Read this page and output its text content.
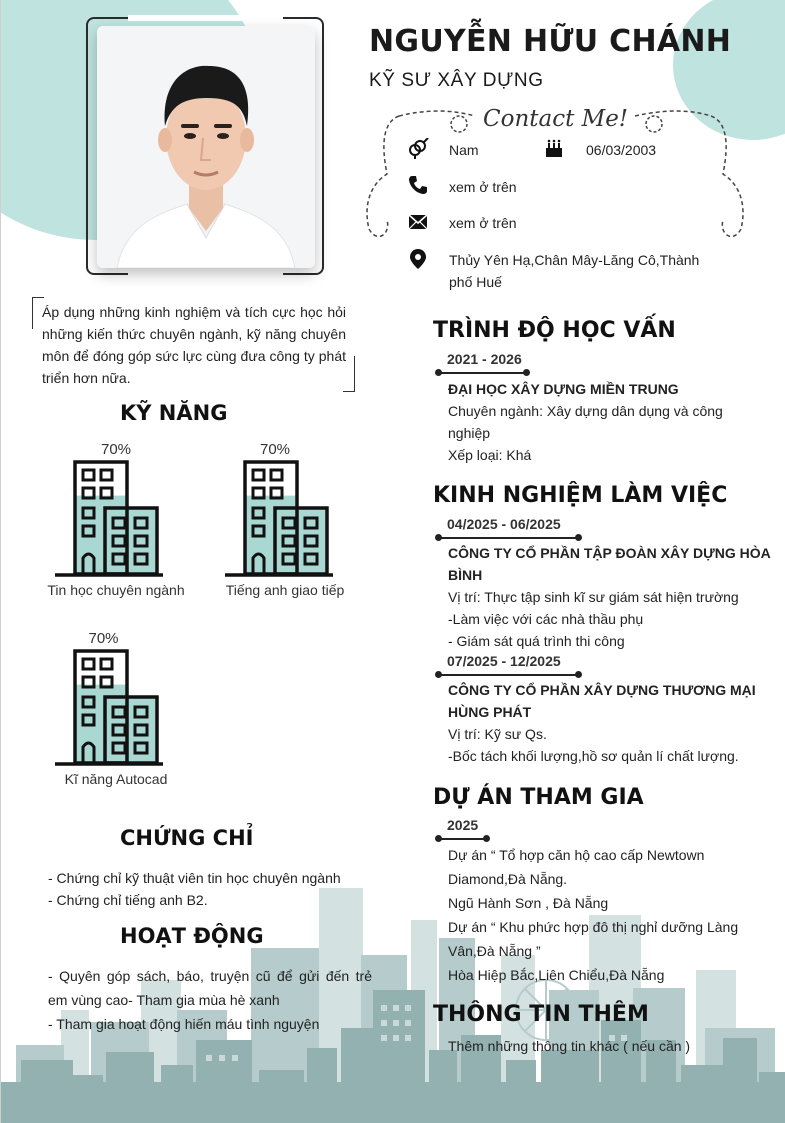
NGUYỄN HỮU CHÁNH
KỸ SƯ XÂY DỰNG
Contact Me!
Nam	06/03/2003
xem ở trên
xem ở trên
Thủy Yên Hạ,Chân Mây-Lăng Cô,Thành
phố Huế
Áp dụng những kinh nghiệm và tích cực học hỏi những kiến thức chuyên ngành, kỹ năng chuyên môn để đóng góp sức lực cùng đưa công ty phát triển hơn nữa.
KỸ NĂNG
70%	70%
70%
Tin học chuyên ngành	Tiếng anh giao tiếp
Kĩ năng Autocad
CHỨNG CHỈ
- Chứng chỉ kỹ thuật viên tin học chuyên ngành
- Chứng chỉ tiếng anh B2.
HOẠT ĐỘNG
- Quyên góp sách, báo, truyện cũ để gửi đến trẻ
em vùng cao- Tham gia mùa hè xanh
- Tham gia hoạt động hiến máu tình nguyện
TRÌNH ĐỘ HỌC VẤN
2021 - 2026
ĐẠI HỌC XÂY DỰNG MIỀN TRUNG
Chuyên ngành: Xây dựng dân dụng và công
nghiệp
Xếp loại: Khá
KINH NGHIỆM LÀM VIỆC
04/2025 - 06/2025
CÔNG TY CỔ PHẦN TẬP ĐOÀN XÂY DỰNG HÒA
BÌNH
Vị trí: Thực tập sinh kĩ sư giám sát hiện trường
-Làm việc với các nhà thầu phụ
- Giám sát quá trình thi công
07/2025 - 12/2025
CÔNG TY CỔ PHẦN XÂY DỰNG THƯƠNG MẠI
HÙNG PHÁT
Vị trí: Kỹ sư Qs.
-Bốc tách khối lượng,hồ sơ quản lí chất lượng.
DỰ ÁN THAM GIA
2025
Dự án “ Tổ hợp căn hộ cao cấp Newtown
Diamond,Đà Nẵng.
Ngũ Hành Sơn , Đà Nẵng
Dự án “ Khu phức hợp đô thị nghỉ dưỡng Làng
Vân,Đà Nẵng ”
Hòa Hiệp Bắc,Liên Chiểu,Đà Nẵng
THÔNG TIN THÊM
Thêm những thông tin khác ( nếu cần )
